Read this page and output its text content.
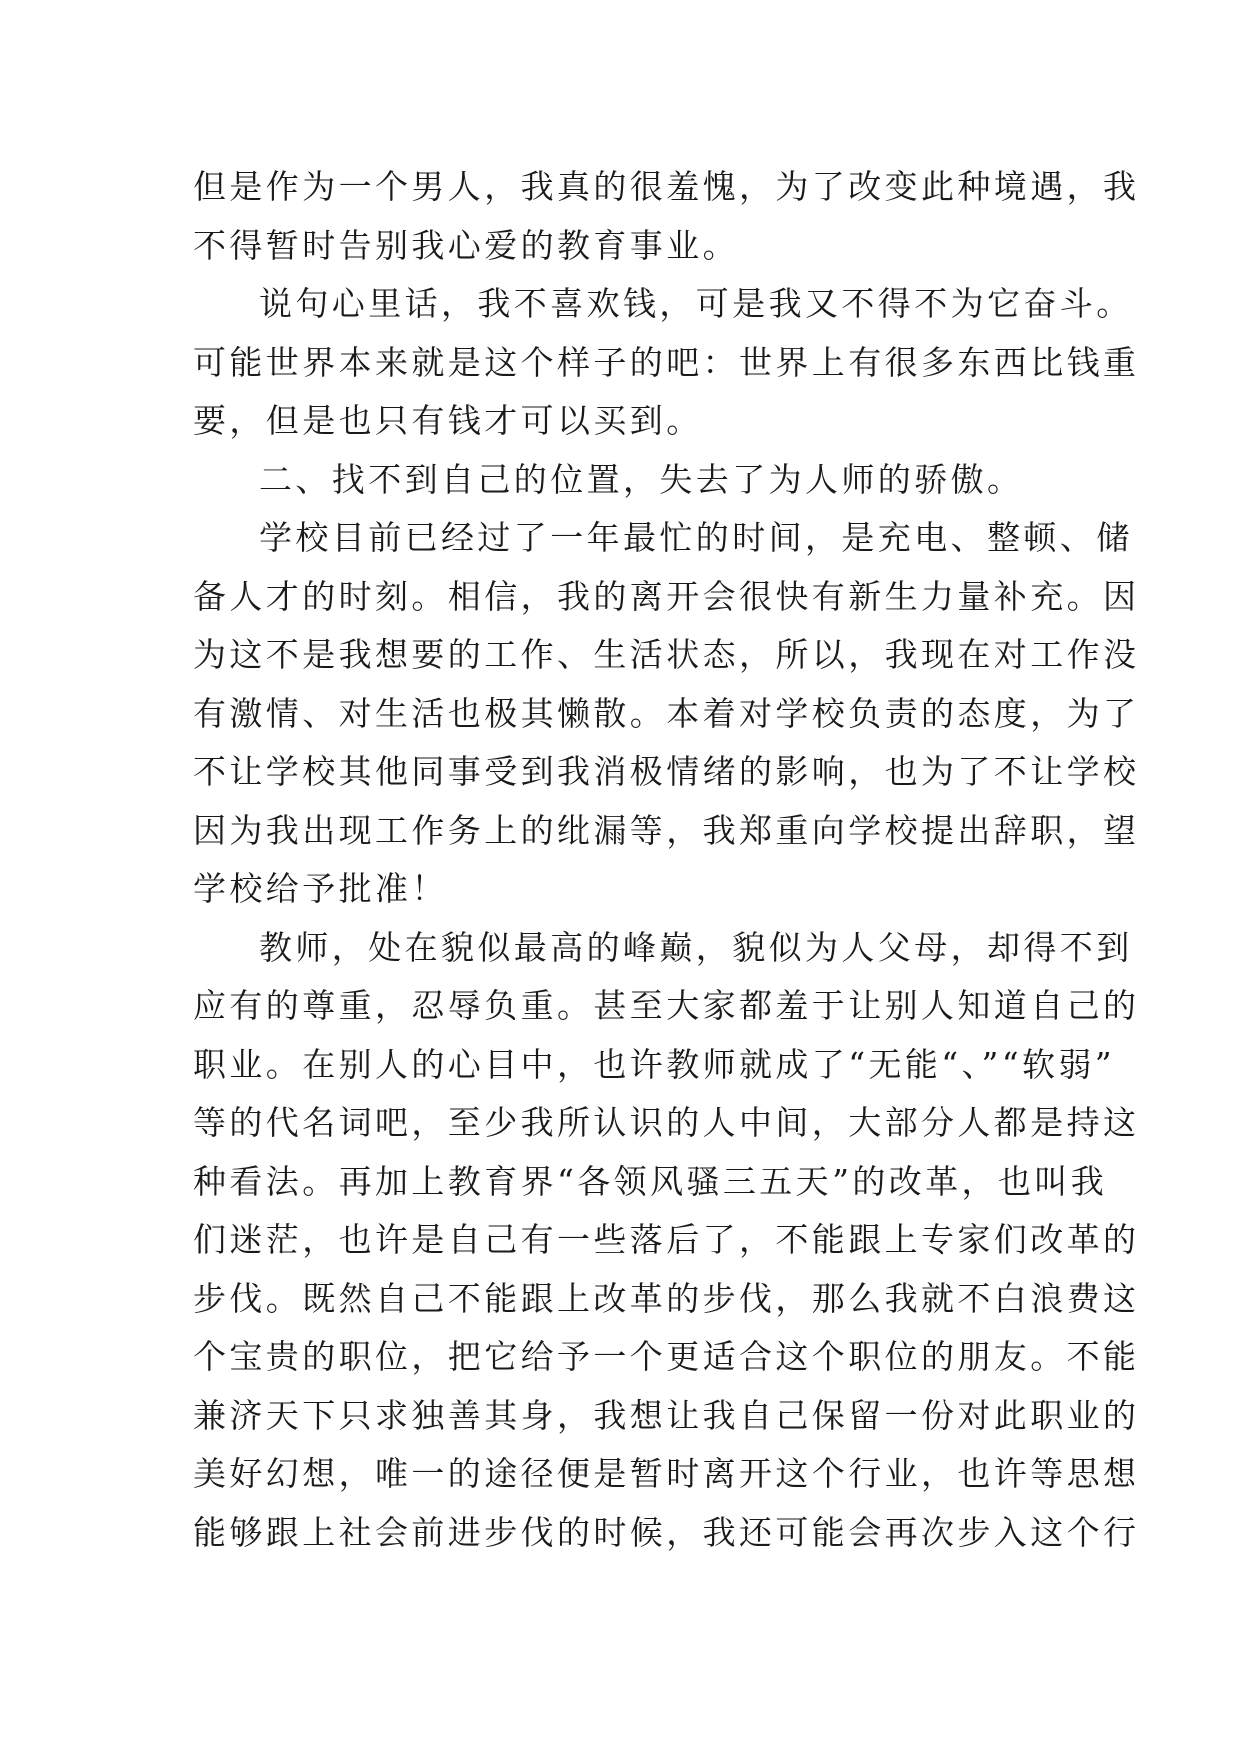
但是作为一个男人，我真的很羞愧，为了改变此种境遇，我
不得暂时告别我心爱的教育事业。
说句心里话，我不喜欢钱，可是我又不得不为它奋斗。
可能世界本来就是这个样子的吧：世界上有很多东西比钱重
要，但是也只有钱才可以买到。
二、找不到自己的位置，失去了为人师的骄傲。
学校目前已经过了一年最忙的时间，是充电、整顿、储
备人才的时刻。相信，我的离开会很快有新生力量补充。因
为这不是我想要的工作、生活状态，所以，我现在对工作没
有激情、对生活也极其懒散。本着对学校负责的态度，为了
不让学校其他同事受到我消极情绪的影响，也为了不让学校
因为我出现工作务上的纰漏等，我郑重向学校提出辞职，望
学校给予批准！
教师，处在貌似最高的峰巅，貌似为人父母，却得不到
应有的尊重，忍辱负重。甚至大家都羞于让别人知道自己的
职业。在别人的心目中，也许教师就成了“无能“、”“软弱”
等的代名词吧，至少我所认识的人中间，大部分人都是持这
种看法。再加上教育界“各领风骚三五天”的改革，也叫我
们迷茫，也许是自己有一些落后了，不能跟上专家们改革的
步伐。既然自己不能跟上改革的步伐，那么我就不白浪费这
个宝贵的职位，把它给予一个更适合这个职位的朋友。不能
兼济天下只求独善其身，我想让我自己保留一份对此职业的
美好幻想，唯一的途径便是暂时离开这个行业，也许等思想
能够跟上社会前进步伐的时候，我还可能会再次步入这个行
